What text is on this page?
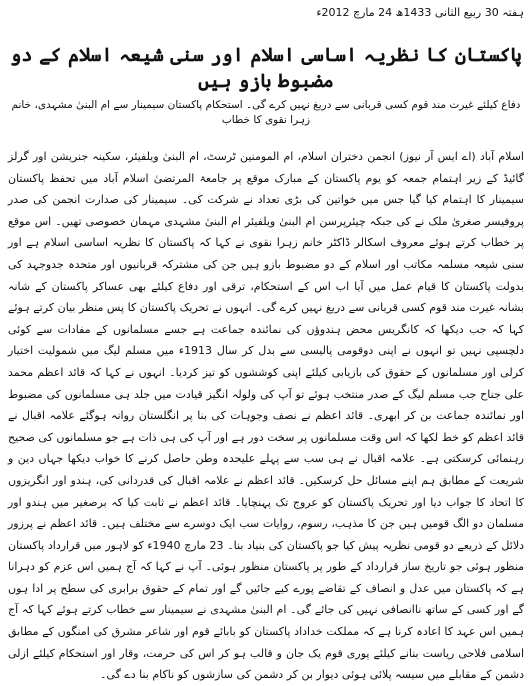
ہفتہ 30 ربیع الثانی 1433ھ 24 مارچ 2012ء
پاکستان کا نظریہ اساسی اسلام اور سنی شیعہ اسلام کے دو مضبوط بازو ہیں
دفاع کیلئے غیرت مند قوم کسی قربانی سے دریغ نہیں کرے گی۔ استحکام پاکستان سیمینار سے ام البنیٰ مشہدی، خانم زہرا نقوی کا خطاب

اسلام آباد (اے ایس آر نیوز) انجمن دختران اسلام، ام المومنین ٹرسٹ، ام البنیٰ ویلفیئر، سکینہ جنریشن اور گرلز گائیڈ کے زیر اہتمام جمعہ کو یوم پاکستان کے مبارک موقع پر جامعۃ المرتضیٰ اسلام آباد میں تحفظ پاکستان سیمینار کا اہتمام کیا گیا جس میں خواتین کی بڑی تعداد نے شرکت کی۔ سیمینار کی صدارت انجمن کی صدر پروفیسر صغریٰ ملک نے کی جبکہ چیئرپرسن ام البنیٰ ویلفیئر ام البنیٰ مشہدی مہمان خصوصی تھیں۔ اس موقع پر خطاب کرتے ہوئے معروف اسکالر ڈاکٹر خانم زہرا نقوی نے کہا کہ پاکستان کا نظریہ اساسی اسلام ہے اور سنی شیعہ مسلمہ مکاتب اور اسلام کے دو مضبوط بازو ہیں جن کی مشترکہ قربانیوں اور متحدہ جدوجہد کی بدولت پاکستان کا قیام عمل میں آیا اب اس کے استحکام، ترقی اور دفاع کیلئے بھی عساکر پاکستان کے شانہ بشانہ غیرت مند قوم کسی قربانی سے دریغ نہیں کرے گی۔ انہوں نے تحریک پاکستان کا پس منظر بیان کرتے ہوئے کہا کہ جب دیکھا کہ کانگریس محض ہندوؤں کی نمائندہ جماعت ہے جسے مسلمانوں کے مفادات سے کوئی دلچسپی نہیں تو انہوں نے اپنی دوقومی پالیسی سے بدل کر سال 1913ء میں مسلم لیگ میں شمولیت اختیار کرلی اور مسلمانوں کے حقوق کی بازیابی کیلئے اپنی کوششوں کو تیز کردیا۔ انہوں نے کہا کہ قائد اعظم محمد علی جناح جب مسلم لیگ کے صدر منتخب ہوئے تو آپ کی ولولہ انگیز قیادت میں جلد ہی مسلمانوں کی مضبوط اور نمائندہ جماعت بن کر ابھری۔ قائد اعظم نے نصف وجوہات کی بنا پر انگلستان روانہ ہوگئے علامہ اقبال نے قائد اعظم کو خط لکھا کہ اس وقت مسلمانوں پر سخت دور ہے اور آپ کی ہی ذات ہے جو مسلمانوں کی صحیح رہنمائی کرسکتی ہے۔ علامہ اقبال نے ہی سب سے پہلے علیحدہ وطن حاصل کرنے کا خواب دیکھا جہاں دین و شریعت کے مطابق ہم اپنے مسائل حل کرسکیں۔ قائد اعظم نے علامہ اقبال کی قدردانی کی، ہندو اور انگریزوں کا اتحاد کا جواب دیا اور تحریک پاکستان کو عروج تک پہنچایا۔ قائد اعظم نے ثابت کیا کہ برصغیر میں ہندو اور مسلمان دو الگ قومیں ہیں جن کا مذہب، رسوم، روایات سب ایک دوسرے سے مختلف ہیں۔ قائد اعظم نے پرزور دلائل کے ذریعے دو قومی نظریہ پیش کیا جو پاکستان کی بنیاد بنا۔ 23 مارچ 1940ء کو لاہور میں قرارداد پاکستان منظور ہوئی جو تاریخ ساز قرارداد کے طور پر پاکستان منظور ہوئی۔ آپ نے کہا کہ آج ہمیں اس عزم کو دہرانا ہے کہ پاکستان میں عدل و انصاف کے تقاضے پورے کیے جائیں گے اور تمام کے حقوق برابری کی سطح پر ادا ہوں گے اور کسی کے ساتھ ناانصافی نہیں کی جائے گی۔ ام البنیٰ مشہدی نے سیمینار سے خطاب کرتے ہوئے کہا کہ آج ہمیں اس عہد کا اعادہ کرنا ہے کہ مملکت خداداد پاکستان کو بابائے قوم اور شاعر مشرق کی امنگوں کے مطابق اسلامی فلاحی ریاست بنانے کیلئے پوری قوم یک جان و قالب ہو کر اس کی حرمت، وقار اور استحکام کیلئے ازلی دشمن کے مقابلے میں سیسہ پلائی ہوئی دیوار بن کر دشمن کی سازشوں کو ناکام بنا دے گی۔
